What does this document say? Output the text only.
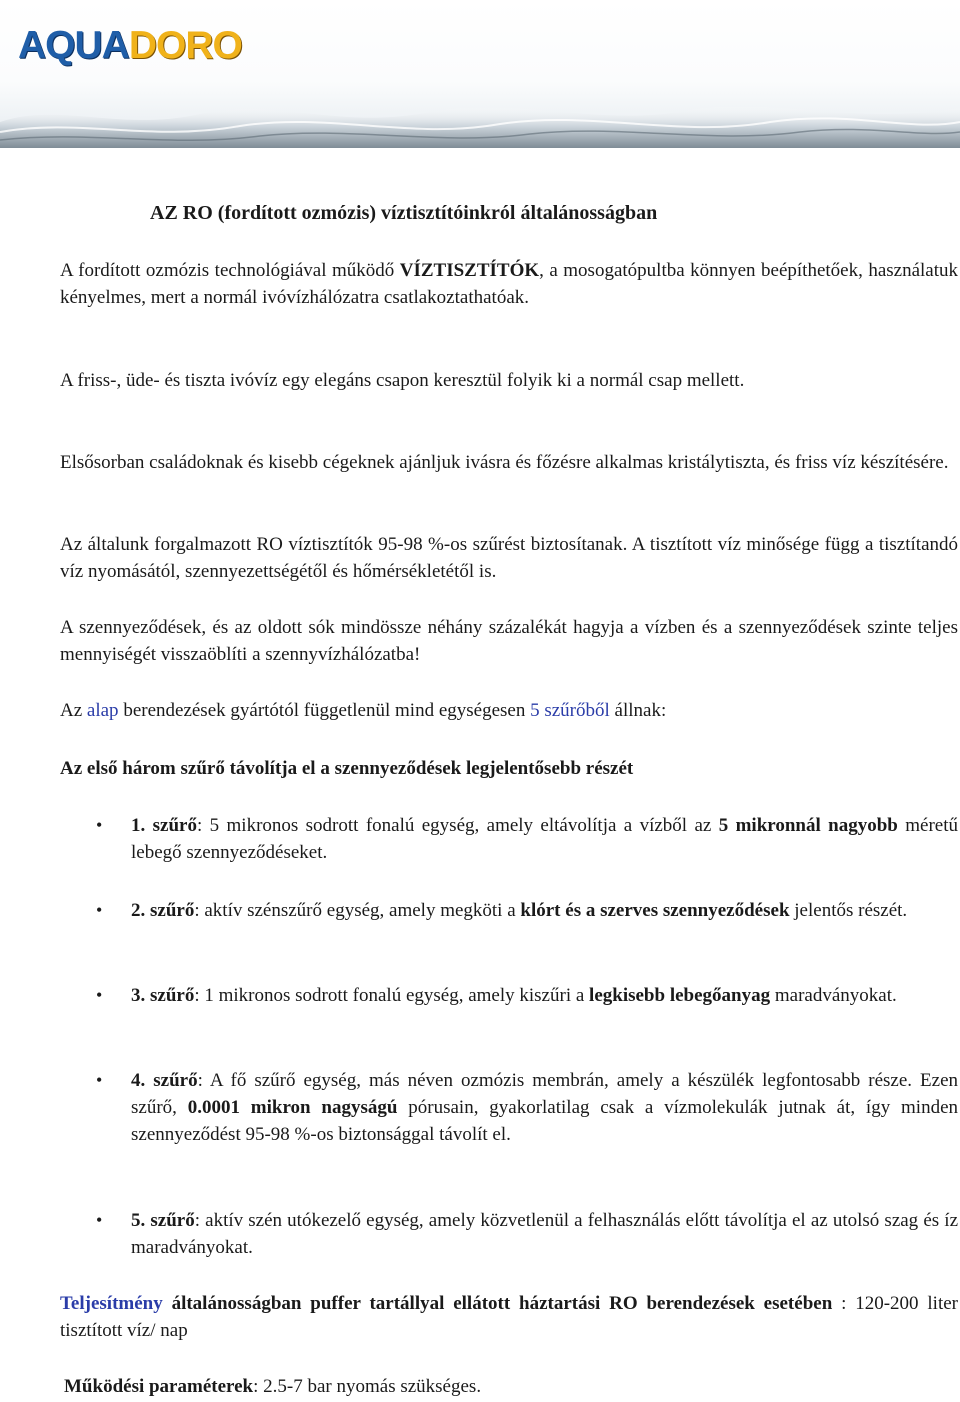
AQUADORO
AZ RO (fordított ozmózis) víztisztítóinkról általánosságban

A fordított ozmózis technológiával működő VÍZTISZTÍTÓK, a mosogatópultba könnyen beépíthetőek, használatuk kényelmes, mert a normál ivóvízhálózatra csatlakoztathatóak.

A friss-, üde- és tiszta ivóvíz egy elegáns csapon keresztül folyik ki a normál csap mellett.

Elsősorban családoknak és kisebb cégeknek ajánljuk ivásra és főzésre alkalmas kristálytiszta, és friss víz készítésére.

Az általunk forgalmazott RO víztisztítók 95-98 %-os szűrést biztosítanak. A tisztított víz minősége függ a tisztítandó víz nyomásától, szennyezettségétől és hőmérsékletétől is.

A szennyeződések, és az oldott sók mindössze néhány százalékát hagyja a vízben és a szennyeződések szinte teljes mennyiségét visszaöblíti a szennyvízhálózatba!

Az alap berendezések gyártótól függetlenül mind egységesen 5 szűrőből állnak:

Az első három szűrő távolítja el a szennyeződések legjelentősebb részét

• 1. szűrő: 5 mikronos sodrott fonalú egység, amely eltávolítja a vízből az 5 mikronnál nagyobb méretű lebegő szennyeződéseket.
• 2. szűrő: aktív szénszűrő egység, amely megköti a klórt és a szerves szennyeződések jelentős részét.
• 3. szűrő: 1 mikronos sodrott fonalú egység, amely kiszűri a legkisebb lebegőanyag maradványokat.
• 4. szűrő: A fő szűrő egység, más néven ozmózis membrán, amely a készülék legfontosabb része. Ezen szűrő, 0.0001 mikron nagyságú pórusain, gyakorlatilag csak a vízmolekulák jutnak át, így minden szennyeződést 95-98 %-os biztonsággal távolít el.
• 5. szűrő: aktív szén utókezelő egység, amely közvetlenül a felhasználás előtt távolítja el az utolsó szag és íz maradványokat.

Teljesítmény általánosságban puffer tartállyal ellátott háztartási RO berendezések esetében : 120-200 liter tisztított víz/ nap

Működési paraméterek: 2.5-7 bar nyomás szükséges.
